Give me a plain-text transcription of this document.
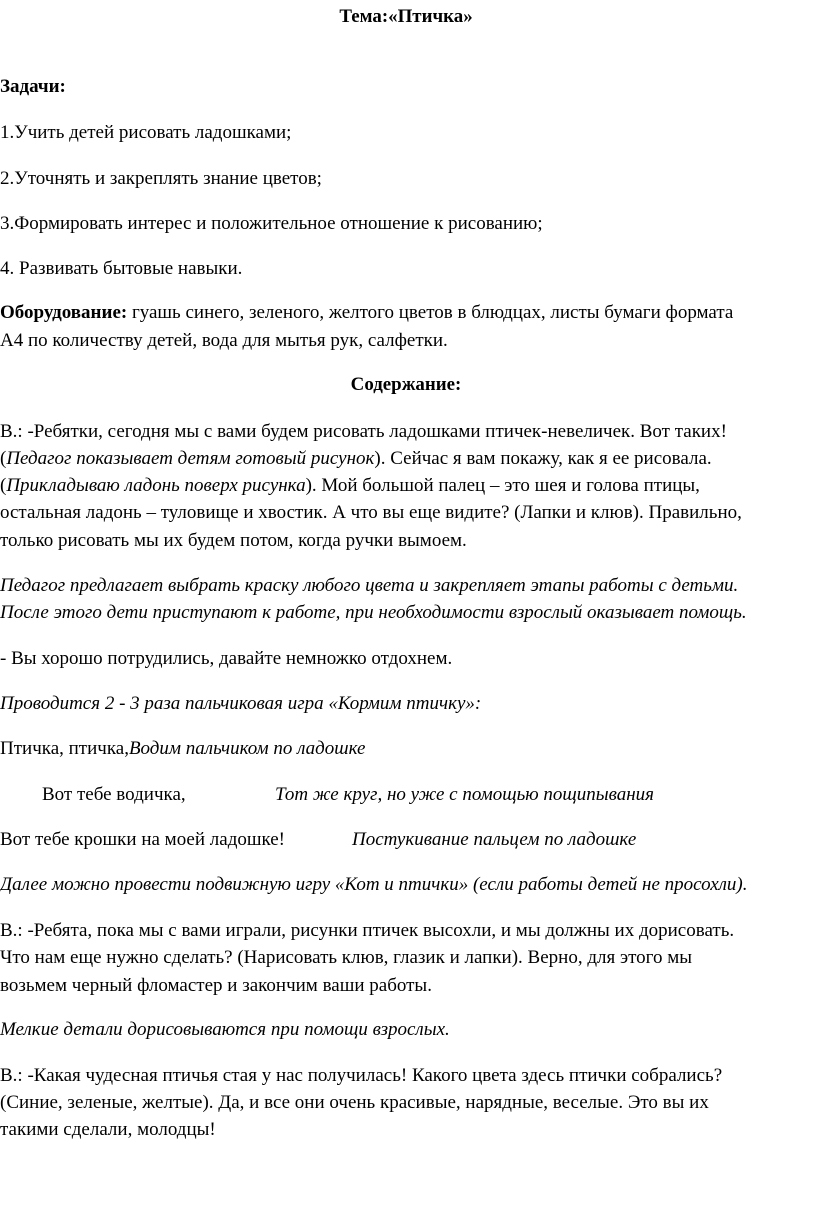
Тема:«Птичка»
Задачи:
1.Учить детей рисовать ладошками;
2.Уточнять и закреплять знание цветов;
3.Формировать интерес и положительное отношение к рисованию;
4. Развивать бытовые навыки.
Оборудование: гуашь синего, зеленого, желтого цветов в блюдцах, листы бумаги формата
А4 по количеству детей, вода для мытья рук, салфетки.
Содержание:
В.: -Ребятки, сегодня мы с вами будем рисовать ладошками птичек-невеличек. Вот таких!
(Педагог показывает детям готовый рисунок). Сейчас я вам покажу, как я ее рисовала.
(Прикладываю ладонь поверх рисунка). Мой большой палец – это шея и голова птицы,
остальная ладонь – туловище и хвостик. А что вы еще видите? (Лапки и клюв). Правильно,
только рисовать мы их будем потом, когда ручки вымоем.
Педагог предлагает выбрать краску любого цвета и закрепляет этапы работы с детьми.
После этого дети приступают к работе, при необходимости взрослый оказывает помощь.
- Вы хорошо потрудились, давайте немножко отдохнем.
Проводится 2 - 3 раза пальчиковая игра «Кормим птичку»:
Птичка, птичка,Водим пальчиком по ладошке
Вот тебе водичка,	Тот же круг, но уже с помощью пощипывания
Вот тебе крошки на моей ладошке!	Постукивание пальцем по ладошке
Далее можно провести подвижную игру «Кот и птички» (если работы детей не просохли).
В.: -Ребята, пока мы с вами играли, рисунки птичек высохли, и мы должны их дорисовать.
Что нам еще нужно сделать? (Нарисовать клюв, глазик и лапки). Верно, для этого мы
возьмем черный фломастер и закончим ваши работы.
Мелкие детали дорисовываются при помощи взрослых.
В.: -Какая чудесная птичья стая у нас получилась! Какого цвета здесь птички собрались?
(Синие, зеленые, желтые). Да, и все они очень красивые, нарядные, веселые. Это вы их
такими сделали, молодцы!
